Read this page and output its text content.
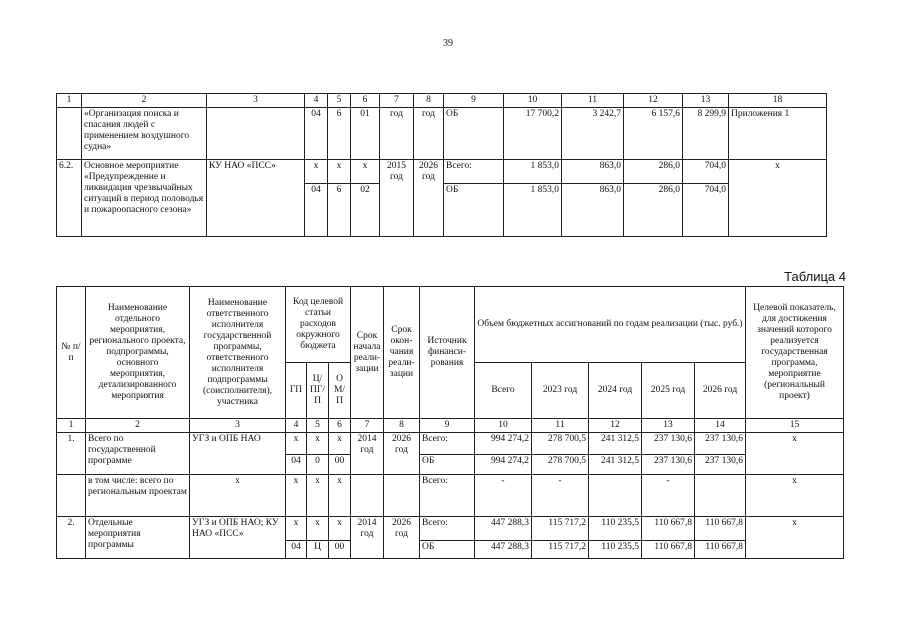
39
1	2	3	4	5	6	7	8	9	10	11	12	13	18
	«Организация поиска и спасания людей с применением воздушного судна»		04	6	01	год	год	ОБ	17 700,2	3 242,7	6 157,6	8 299,9	Приложения 1
6.2.	Основное мероприятие «Предупреждение и ликвидация чрезвычайных ситуаций в период половодья и пожароопасного сезона»	КУ НАО «ПСС»	x	x	x	2015 год	2026 год	Всего:	1 853,0	863,0	286,0	704,0	x
			04	6	02			ОБ	1 853,0	863,0	286,0	704,0	
Таблица 4
№ п/п	Наименование отдельного мероприятия, регионального проекта, подпрограммы, основного мероприятия, детализированного мероприятия	Наименование ответственного исполнителя государственной программы, ответственного исполнителя подпрограммы (соисполнителя), участника	Код целевой статьи расходов окружного бюджета			Срок начала реали-зации	Срок окон-чания реали-зации	Источник финанси-рования	Объем бюджетных ассигнований по годам реализации (тыс. руб.)					Целевой показатель, для достижения значений которого реализуется государственная программа, мероприятие (региональный проект)
			ГП	Ц/ПГ/П	О М/П				Всего	2023 год	2024 год	2025 год	2026 год	
1	2	3	4	5	6	7	8	9	10	11	12	13	14	15
1.	Всего по государственной программе	УГЗ и ОПБ НАО	x	x	x	2014 год	2026 год	Всего:	994 274,2	278 700,5	241 312,5	237 130,6	237 130,6	x
			04	0	00			ОБ	994 274,2	278 700,5	241 312,5	237 130,6	237 130,6	
	в том числе: всего по региональным проектам	x	x	x	x			Всего:	-	-		-		x
2.	Отдельные мероприятия программы	УГЗ и ОПБ НАО; КУ НАО «ПСС»	x	x	x	2014 год	2026 год	Всего:	447 288,3	115 717,2	110 235,5	110 667,8	110 667,8	x
			04	Ц	00			ОБ	447 288,3	115 717,2	110 235,5	110 667,8	110 667,8	
